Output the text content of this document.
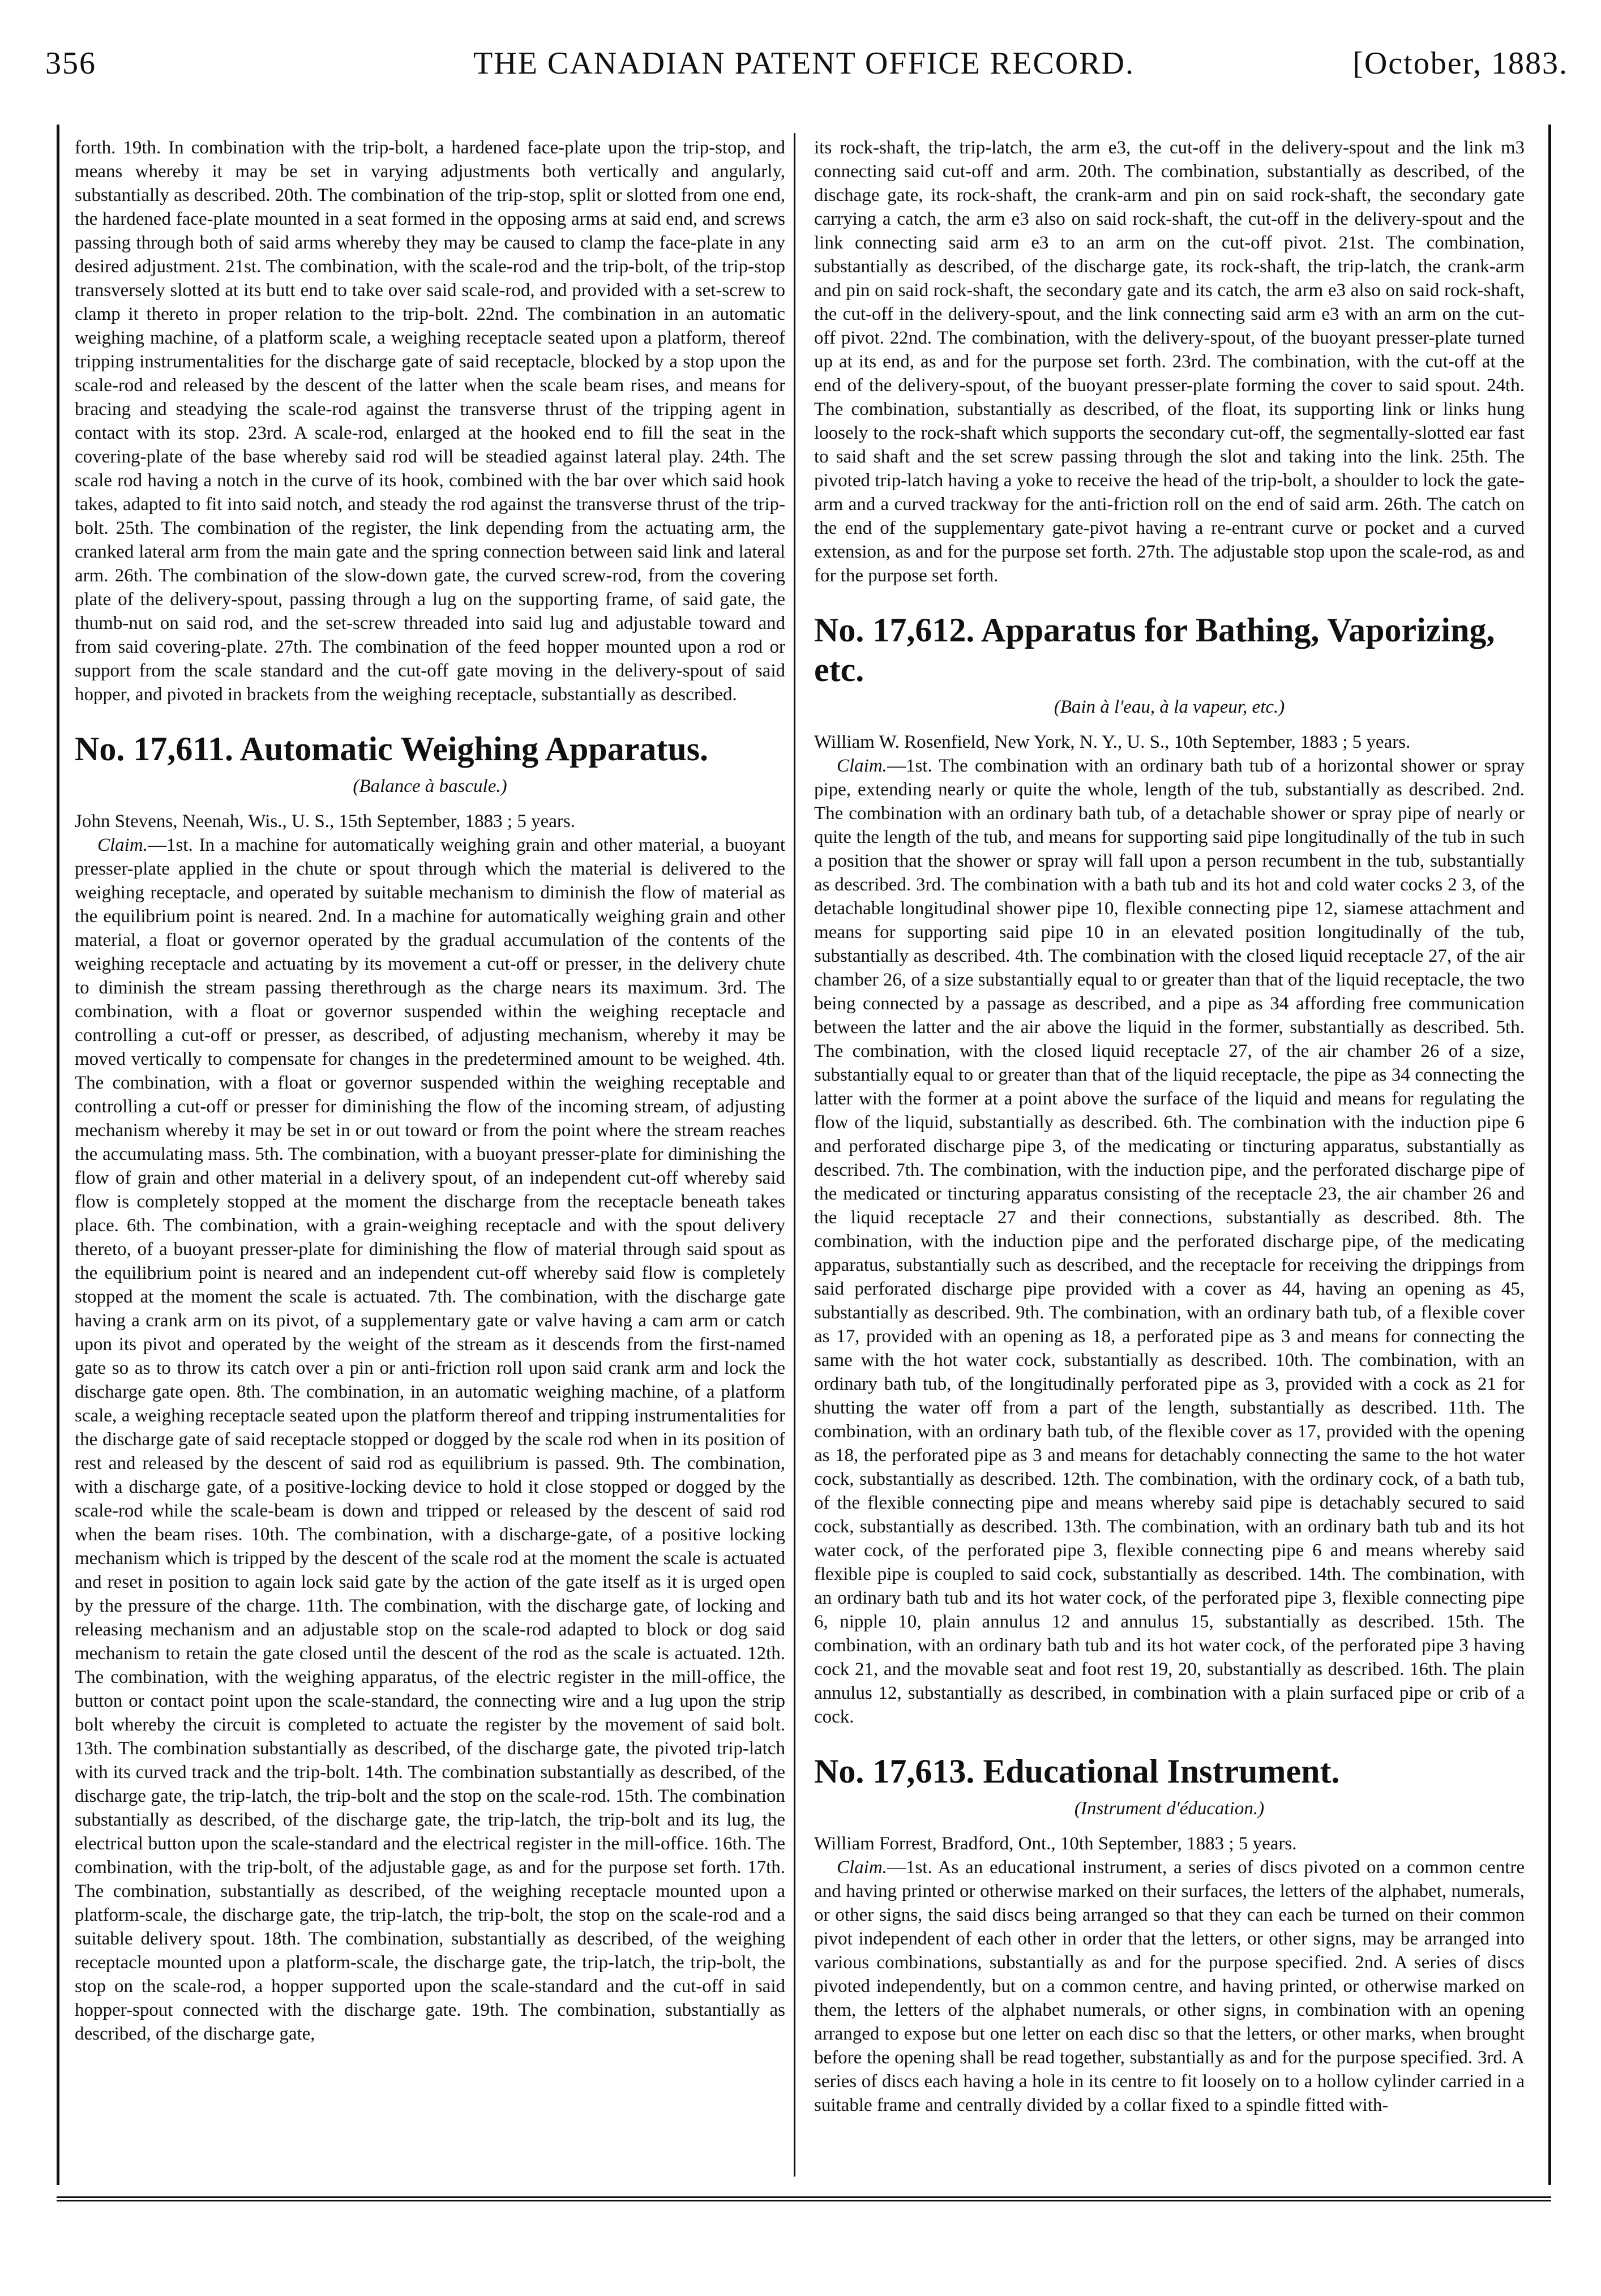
356	THE CANADIAN PATENT OFFICE RECORD.	[October, 1883.

forth. 19th. In combination with the trip-bolt, a hardened face-plate upon the trip-stop, and means whereby it may be set in varying adjustments both vertically and angularly, substantially as described. 20th. The combination of the trip-stop, split or slotted from one end, the hardened face-plate mounted in a seat formed in the opposing arms at said end, and screws passing through both of said arms whereby they may be caused to clamp the face-plate in any desired adjustment. 21st. The combination, with the scale-rod and the trip-bolt, of the trip-stop transversely slotted at its butt end to take over said scale-rod, and provided with a set-screw to clamp it thereto in proper relation to the trip-bolt. 22nd. The combination in an automatic weighing machine, of a platform scale, a weighing receptacle seated upon a platform, thereof tripping instrumentalities for the discharge gate of said receptacle, blocked by a stop upon the scale-rod and released by the descent of the latter when the scale beam rises, and means for bracing and steadying the scale-rod against the transverse thrust of the tripping agent in contact with its stop. 23rd. A scale-rod, enlarged at the hooked end to fill the seat in the covering-plate of the base whereby said rod will be steadied against lateral play. 24th. The scale rod having a notch in the curve of its hook, combined with the bar over which said hook takes, adapted to fit into said notch, and steady the rod against the transverse thrust of the trip-bolt. 25th. The combination of the register, the link depending from the actuating arm, the cranked lateral arm from the main gate and the spring connection between said link and lateral arm. 26th. The combination of the slow-down gate, the curved screw-rod, from the covering plate of the delivery-spout, passing through a lug on the supporting frame, of said gate, the thumb-nut on said rod, and the set-screw threaded into said lug and adjustable toward and from said covering-plate. 27th. The combination of the feed hopper mounted upon a rod or support from the scale standard and the cut-off gate moving in the delivery-spout of said hopper, and pivoted in brackets from the weighing receptacle, substantially as described.

No. 17,611. Automatic Weighing Apparatus.
(Balance à bascule.)

John Stevens, Neenah, Wis., U. S., 15th September, 1883 ; 5 years.

Claim.—1st. In a machine for automatically weighing grain and other material, a buoyant presser-plate applied in the chute or spout through which the material is delivered to the weighing receptacle, and operated by suitable mechanism to diminish the flow of material as the equilibrium point is neared. 2nd. In a machine for automatically weighing grain and other material, a float or governor operated by the gradual accumulation of the contents of the weighing receptacle and actuating by its movement a cut-off or presser, in the delivery chute to diminish the stream passing therethrough as the charge nears its maximum. 3rd. The combination, with a float or governor suspended within the weighing receptacle and controlling a cut-off or presser, as described, of adjusting mechanism, whereby it may be moved vertically to compensate for changes in the predetermined amount to be weighed. 4th. The combination, with a float or governor suspended within the weighing receptable and controlling a cut-off or presser for diminishing the flow of the incoming stream, of adjusting mechanism whereby it may be set in or out toward or from the point where the stream reaches the accumulating mass. 5th. The combination, with a buoyant presser-plate for diminishing the flow of grain and other material in a delivery spout, of an independent cut-off whereby said flow is completely stopped at the moment the discharge from the receptacle beneath takes place. 6th. The combination, with a grain-weighing receptacle and with the spout delivery thereto, of a buoyant presser-plate for diminishing the flow of material through said spout as the equilibrium point is neared and an independent cut-off whereby said flow is completely stopped at the moment the scale is actuated. 7th. The combination, with the discharge gate having a crank arm on its pivot, of a supplementary gate or valve having a cam arm or catch upon its pivot and operated by the weight of the stream as it descends from the first-named gate so as to throw its catch over a pin or anti-friction roll upon said crank arm and lock the discharge gate open. 8th. The combination, in an automatic weighing machine, of a platform scale, a weighing receptacle seated upon the platform thereof and tripping instrumentalities for the discharge gate of said receptacle stopped or dogged by the scale rod when in its position of rest and released by the descent of said rod as equilibrium is passed. 9th. The combination, with a discharge gate, of a positive-locking device to hold it close stopped or dogged by the scale-rod while the scale-beam is down and tripped or released by the descent of said rod when the beam rises. 10th. The combination, with a discharge-gate, of a positive locking mechanism which is tripped by the descent of the scale rod at the moment the scale is actuated and reset in position to again lock said gate by the action of the gate itself as it is urged open by the pressure of the charge. 11th. The combination, with the discharge gate, of locking and releasing mechanism and an adjustable stop on the scale-rod adapted to block or dog said mechanism to retain the gate closed until the descent of the rod as the scale is actuated. 12th. The combination, with the weighing apparatus, of the electric register in the mill-office, the button or contact point upon the scale-standard, the connecting wire and a lug upon the strip bolt whereby the circuit is completed to actuate the register by the movement of said bolt. 13th. The combination substantially as described, of the discharge gate, the pivoted trip-latch with its curved track and the trip-bolt. 14th. The combination substantially as described, of the discharge gate, the trip-latch, the trip-bolt and the stop on the scale-rod. 15th. The combination substantially as described, of the discharge gate, the trip-latch, the trip-bolt and its lug, the electrical button upon the scale-standard and the electrical register in the mill-office. 16th. The combination, with the trip-bolt, of the adjustable gage, as and for the purpose set forth. 17th. The combination, substantially as described, of the weighing receptacle mounted upon a platform-scale, the discharge gate, the trip-latch, the trip-bolt, the stop on the scale-rod and a suitable delivery spout. 18th. The combination, substantially as described, of the weighing receptacle mounted upon a platform-scale, the discharge gate, the trip-latch, the trip-bolt, the stop on the scale-rod, a hopper supported upon the scale-standard and the cut-off in said hopper-spout connected with the discharge gate. 19th. The combination, substantially as described, of the discharge gate,

its rock-shaft, the trip-latch, the arm e3, the cut-off in the delivery-spout and the link m3 connecting said cut-off and arm. 20th. The combination, substantially as described, of the dischage gate, its rock-shaft, the crank-arm and pin on said rock-shaft, the secondary gate carrying a catch, the arm e3 also on said rock-shaft, the cut-off in the delivery-spout and the link connecting said arm e3 to an arm on the cut-off pivot. 21st. The combination, substantially as described, of the discharge gate, its rock-shaft, the trip-latch, the crank-arm and pin on said rock-shaft, the secondary gate and its catch, the arm e3 also on said rock-shaft, the cut-off in the delivery-spout, and the link connecting said arm e3 with an arm on the cut-off pivot. 22nd. The combination, with the delivery-spout, of the buoyant presser-plate turned up at its end, as and for the purpose set forth. 23rd. The combination, with the cut-off at the end of the delivery-spout, of the buoyant presser-plate forming the cover to said spout. 24th. The combination, substantially as described, of the float, its supporting link or links hung loosely to the rock-shaft which supports the secondary cut-off, the segmentally-slotted ear fast to said shaft and the set screw passing through the slot and taking into the link. 25th. The pivoted trip-latch having a yoke to receive the head of the trip-bolt, a shoulder to lock the gate-arm and a curved trackway for the anti-friction roll on the end of said arm. 26th. The catch on the end of the supplementary gate-pivot having a re-entrant curve or pocket and a curved extension, as and for the purpose set forth. 27th. The adjustable stop upon the scale-rod, as and for the purpose set forth.

No. 17,612. Apparatus for Bathing, Vaporizing, etc.
(Bain à l'eau, à la vapeur, etc.)

William W. Rosenfield, New York, N. Y., U. S., 10th September, 1883 ; 5 years.

Claim.—1st. The combination with an ordinary bath tub of a horizontal shower or spray pipe, extending nearly or quite the whole, length of the tub, substantially as described. 2nd. The combination with an ordinary bath tub, of a detachable shower or spray pipe of nearly or quite the length of the tub, and means for supporting said pipe longitudinally of the tub in such a position that the shower or spray will fall upon a person recumbent in the tub, substantially as described. 3rd. The combination with a bath tub and its hot and cold water cocks 2 3, of the detachable longitudinal shower pipe 10, flexible connecting pipe 12, siamese attachment and means for supporting said pipe 10 in an elevated position longitudinally of the tub, substantially as described. 4th. The combination with the closed liquid receptacle 27, of the air chamber 26, of a size substantially equal to or greater than that of the liquid receptacle, the two being connected by a passage as described, and a pipe as 34 affording free communication between the latter and the air above the liquid in the former, substantially as described. 5th. The combination, with the closed liquid receptacle 27, of the air chamber 26 of a size, substantially equal to or greater than that of the liquid receptacle, the pipe as 34 connecting the latter with the former at a point above the surface of the liquid and means for regulating the flow of the liquid, substantially as described. 6th. The combination with the induction pipe 6 and perforated discharge pipe 3, of the medicating or tincturing apparatus, substantially as described. 7th. The combination, with the induction pipe, and the perforated discharge pipe of the medicated or tincturing apparatus consisting of the receptacle 23, the air chamber 26 and the liquid receptacle 27 and their connections, substantially as described. 8th. The combination, with the induction pipe and the perforated discharge pipe, of the medicating apparatus, substantially such as described, and the receptacle for receiving the drippings from said perforated discharge pipe provided with a cover as 44, having an opening as 45, substantially as described. 9th. The combination, with an ordinary bath tub, of a flexible cover as 17, provided with an opening as 18, a perforated pipe as 3 and means for connecting the same with the hot water cock, substantially as described. 10th. The combination, with an ordinary bath tub, of the longitudinally perforated pipe as 3, provided with a cock as 21 for shutting the water off from a part of the length, substantially as described. 11th. The combination, with an ordinary bath tub, of the flexible cover as 17, provided with the opening as 18, the perforated pipe as 3 and means for detachably connecting the same to the hot water cock, substantially as described. 12th. The combination, with the ordinary cock, of a bath tub, of the flexible connecting pipe and means whereby said pipe is detachably secured to said cock, substantially as described. 13th. The combination, with an ordinary bath tub and its hot water cock, of the perforated pipe 3, flexible connecting pipe 6 and means whereby said flexible pipe is coupled to said cock, substantially as described. 14th. The combination, with an ordinary bath tub and its hot water cock, of the perforated pipe 3, flexible connecting pipe 6, nipple 10, plain annulus 12 and annulus 15, substantially as described. 15th. The combination, with an ordinary bath tub and its hot water cock, of the perforated pipe 3 having cock 21, and the movable seat and foot rest 19, 20, substantially as described. 16th. The plain annulus 12, substantially as described, in combination with a plain surfaced pipe or crib of a cock.

No. 17,613. Educational Instrument.
(Instrument d'éducation.)

William Forrest, Bradford, Ont., 10th September, 1883 ; 5 years.

Claim.—1st. As an educational instrument, a series of discs pivoted on a common centre and having printed or otherwise marked on their surfaces, the letters of the alphabet, numerals, or other signs, the said discs being arranged so that they can each be turned on their common pivot independent of each other in order that the letters, or other signs, may be arranged into various combinations, substantially as and for the purpose specified. 2nd. A series of discs pivoted independently, but on a common centre, and having printed, or otherwise marked on them, the letters of the alphabet numerals, or other signs, in combination with an opening arranged to expose but one letter on each disc so that the letters, or other marks, when brought before the opening shall be read together, substantially as and for the purpose specified. 3rd. A series of discs each having a hole in its centre to fit loosely on to a hollow cylinder carried in a suitable frame and centrally divided by a collar fixed to a spindle fitted with-
